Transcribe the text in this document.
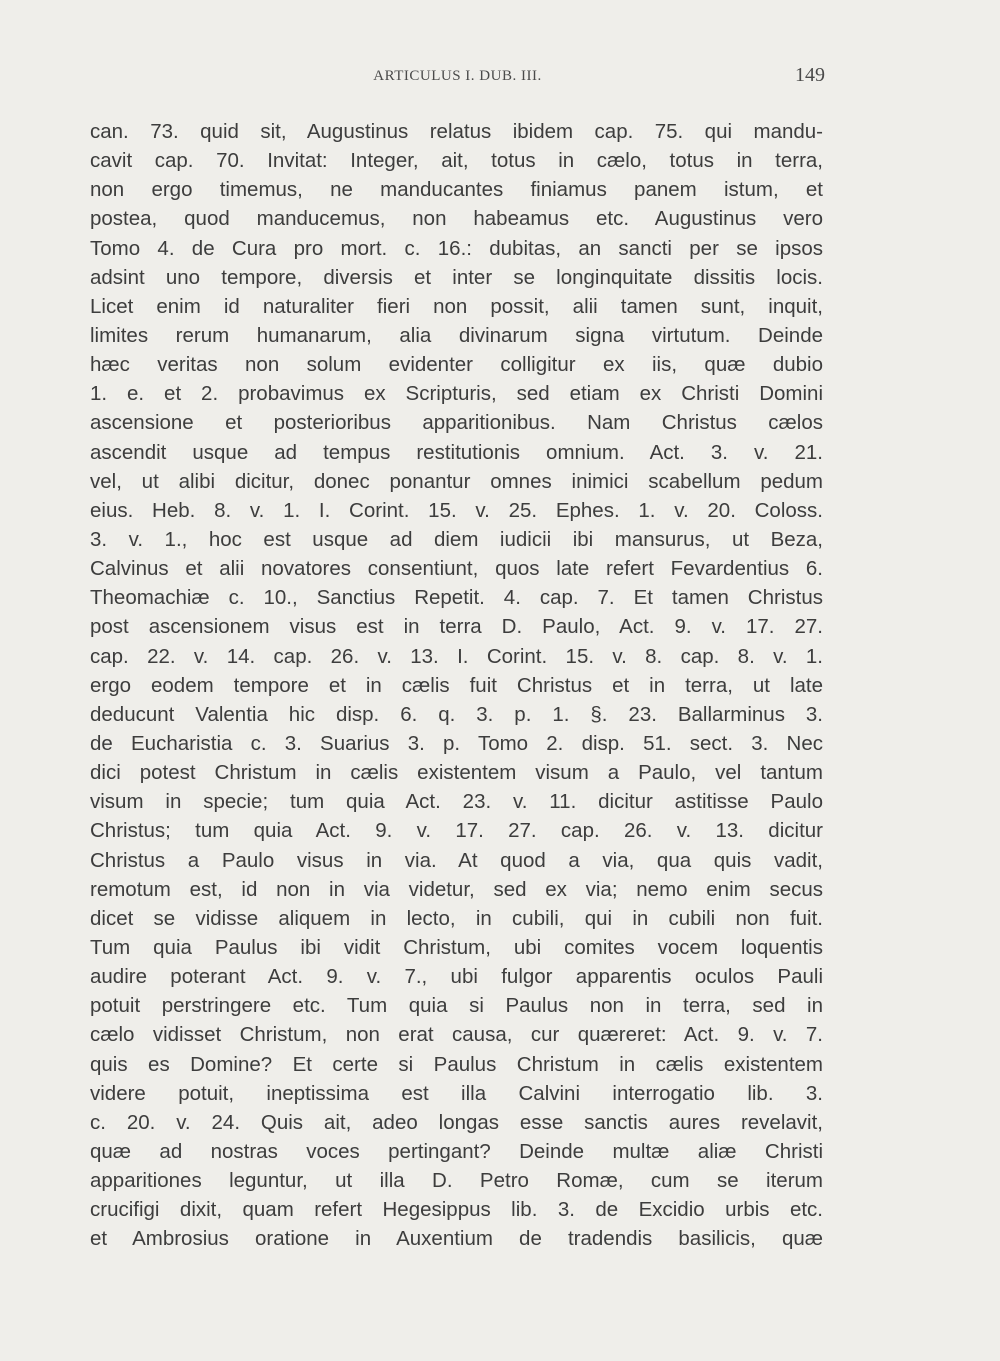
ARTICULUS I. DUB. III.	149
can. 73. quid sit, Augustinus relatus ibidem cap. 75. qui mandu-
cavit cap. 70. Invitat: Integer, ait, totus in cælo, totus in terra,
non ergo timemus, ne manducantes finiamus panem istum, et
postea, quod manducemus, non habeamus etc. Augustinus vero
Tomo 4. de Cura pro mort. c. 16.: dubitas, an sancti per se ipsos
adsint uno tempore, diversis et inter se longinquitate dissitis locis.
Licet enim id naturaliter fieri non possit, alii tamen sunt, inquit,
limites rerum humanarum, alia divinarum signa virtutum. Deinde
hæc veritas non solum evidenter colligitur ex iis, quæ dubio
1. e. et 2. probavimus ex Scripturis, sed etiam ex Christi Domini
ascensione et posterioribus apparitionibus. Nam Christus cælos
ascendit usque ad tempus restitutionis omnium. Act. 3. v. 21.
vel, ut alibi dicitur, donec ponantur omnes inimici scabellum pedum
eius. Heb. 8. v. 1. I. Corint. 15. v. 25. Ephes. 1. v. 20. Coloss.
3. v. 1., hoc est usque ad diem iudicii ibi mansurus, ut Beza,
Calvinus et alii novatores consentiunt, quos late refert Fevardentius 6.
Theomachiæ c. 10., Sanctius Repetit. 4. cap. 7. Et tamen Christus
post ascensionem visus est in terra D. Paulo, Act. 9. v. 17. 27.
cap. 22. v. 14. cap. 26. v. 13. I. Corint. 15. v. 8. cap. 8. v. 1.
ergo eodem tempore et in cælis fuit Christus et in terra, ut late
deducunt Valentia hic disp. 6. q. 3. p. 1. §. 23. Ballarminus 3.
de Eucharistia c. 3. Suarius 3. p. Tomo 2. disp. 51. sect. 3. Nec
dici potest Christum in cælis existentem visum a Paulo, vel tantum
visum in specie; tum quia Act. 23. v. 11. dicitur astitisse Paulo
Christus; tum quia Act. 9. v. 17. 27. cap. 26. v. 13. dicitur
Christus a Paulo visus in via. At quod a via, qua quis vadit,
remotum est, id non in via videtur, sed ex via; nemo enim secus
dicet se vidisse aliquem in lecto, in cubili, qui in cubili non fuit.
Tum quia Paulus ibi vidit Christum, ubi comites vocem loquentis
audire poterant Act. 9. v. 7., ubi fulgor apparentis oculos Pauli
potuit perstringere etc. Tum quia si Paulus non in terra, sed in
cælo vidisset Christum, non erat causa, cur quæreret: Act. 9. v. 7.
quis es Domine? Et certe si Paulus Christum in cælis existentem
videre potuit, ineptissima est illa Calvini interrogatio lib. 3.
c. 20. v. 24. Quis ait, adeo longas esse sanctis aures revelavit,
quæ ad nostras voces pertingant? Deinde multæ aliæ Christi
apparitiones leguntur, ut illa D. Petro Romæ, cum se iterum
crucifigi dixit, quam refert Hegesippus lib. 3. de Excidio urbis etc.
et Ambrosius oratione in Auxentium de tradendis basilicis, quæ
